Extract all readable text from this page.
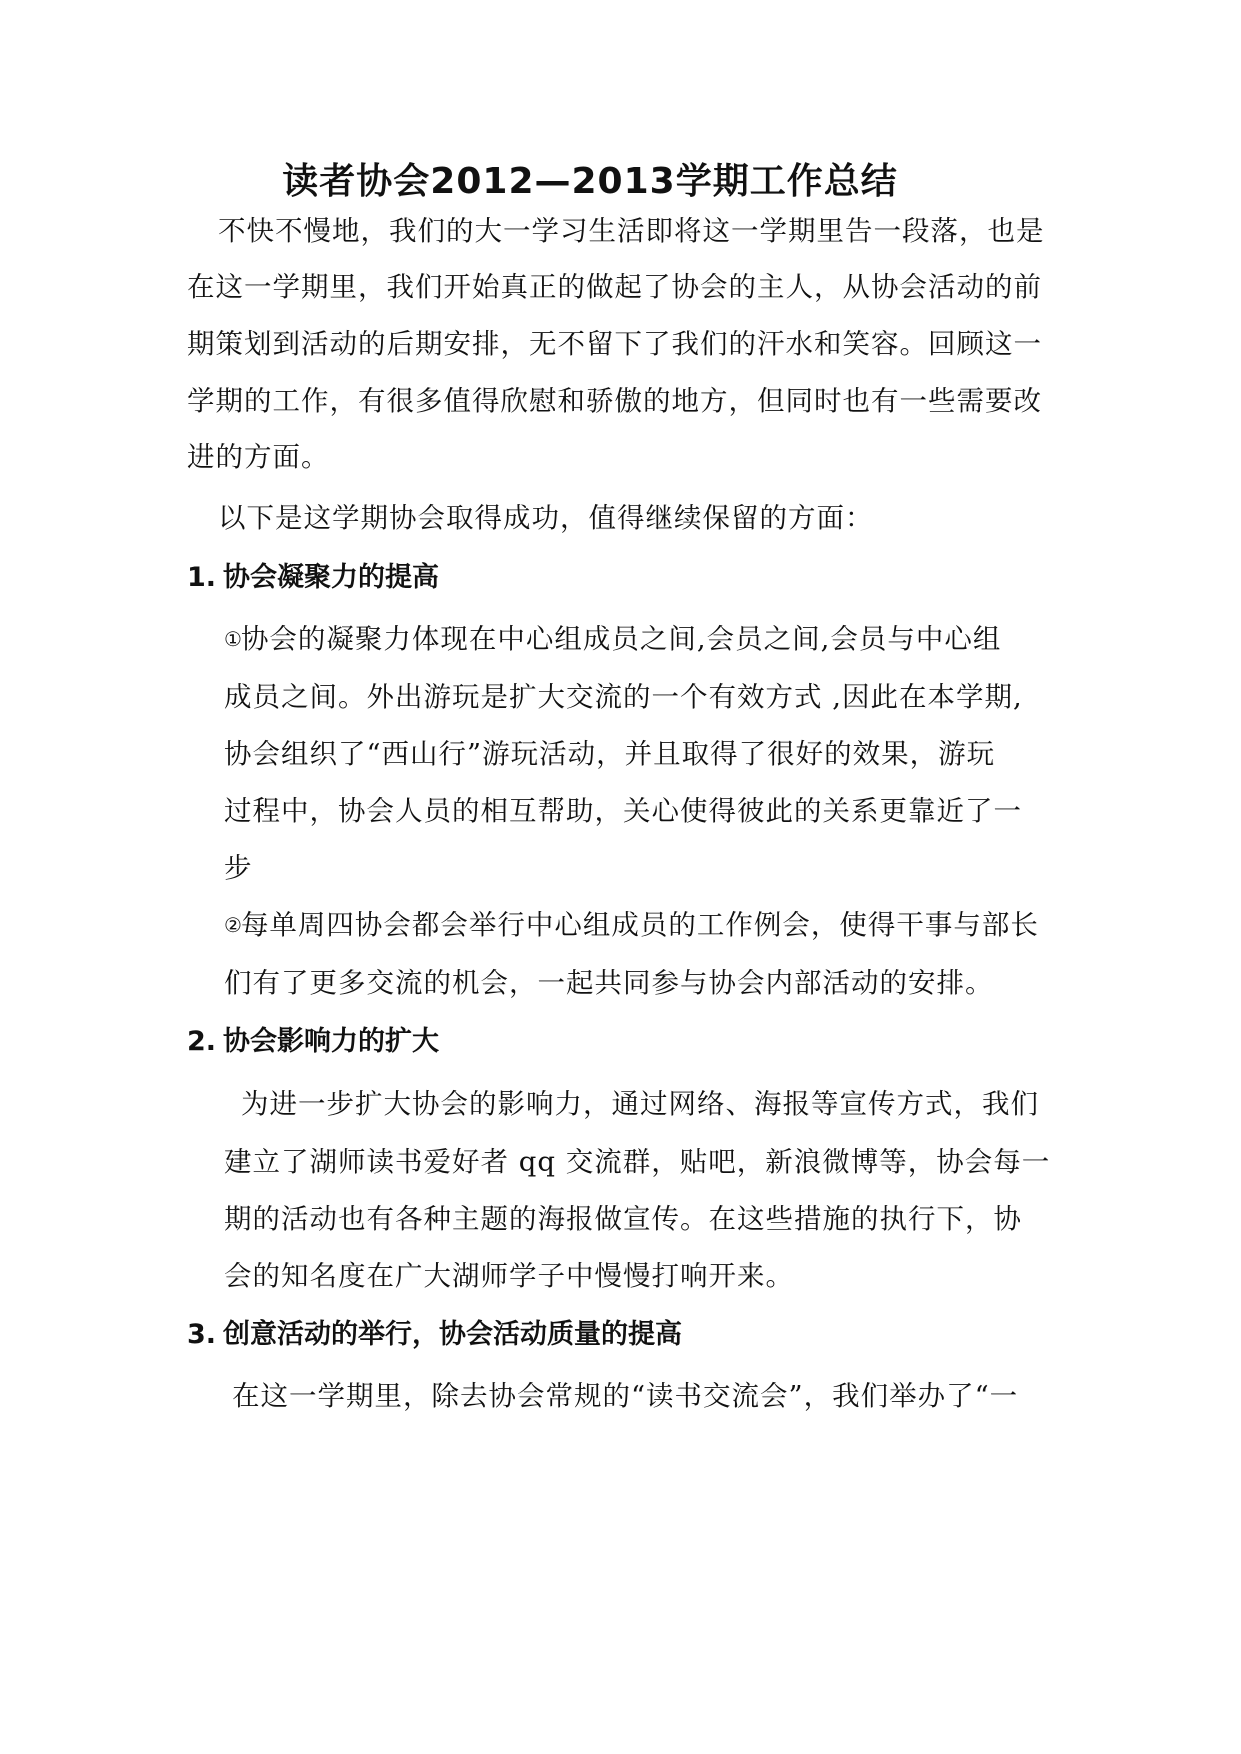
读者协会2012—2013学期工作总结
不快不慢地，我们的大一学习生活即将这一学期里告一段落，也是
在这一学期里，我们开始真正的做起了协会的主人，从协会活动的前
期策划到活动的后期安排，无不留下了我们的汗水和笑容。回顾这一
学期的工作，有很多值得欣慰和骄傲的地方，但同时也有一些需要改
进的方面。
以下是这学期协会取得成功，值得继续保留的方面：
1. 协会凝聚力的提高
①协会的凝聚力体现在中心组成员之间,会员之间,会员与中心组
成员之间。外出游玩是扩大交流的一个有效方式 ,因此在本学期,
协会组织了“西山行”游玩活动，并且取得了很好的效果，游玩
过程中，协会人员的相互帮助，关心使得彼此的关系更靠近了一
步
②每单周四协会都会举行中心组成员的工作例会，使得干事与部长
们有了更多交流的机会，一起共同参与协会内部活动的安排。
2. 协会影响力的扩大
为进一步扩大协会的影响力，通过网络、海报等宣传方式，我们
建立了湖师读书爱好者 qq 交流群，贴吧，新浪微博等，协会每一
期的活动也有各种主题的海报做宣传。在这些措施的执行下，协
会的知名度在广大湖师学子中慢慢打响开来。
3. 创意活动的举行，协会活动质量的提高
在这一学期里，除去协会常规的“读书交流会”，我们举办了“一
